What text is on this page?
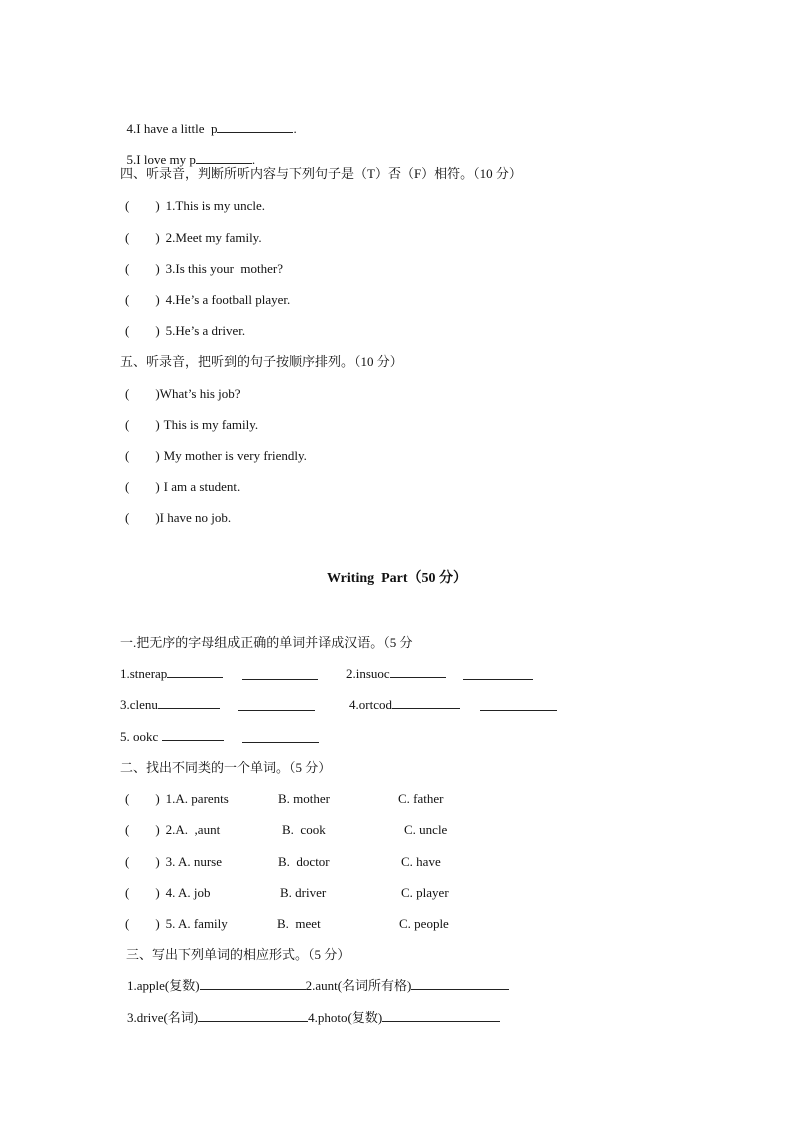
4.I have a little  p	.

5.I love my p	.

四、听录音，判断所听内容与下列句子是（T）否（F）相符。（10 分）
(        ) 1.This is my uncle.
(        ) 2.Meet my family.
(        ) 3.Is this your  mother?
(        ) 4.He’s a football player.
(        ) 5.He’s a driver.
五、听录音，把听到的句子按顺序排列。（10 分）
(        )What’s his job?
(        ) This is my family.
(        ) My mother is very friendly.
(        ) I am a student.
(        )I have no job.
Writing  Part（50 分）
一.把无序的字母组成正确的单词并译成汉语。（5 分
1.stnerap	2.insuoc
3.clenu	4.ortcod
5. ookc
二、找出不同类的一个单词。（5 分）
(        ) 1.A. parents	B. mother	C. father
(        ) 2.A.  ,aunt	B.  cook	C. uncle
(        ) 3. A. nurse	B.  doctor	C. have
(        ) 4. A. job	B. driver	C. player
(        ) 5. A. family	B.  meet	C. people
三、写出下列单词的相应形式。（5 分）
1.apple(复数)	2.aunt(名词所有格)
3.drive(名词)	4.photo(复数)
